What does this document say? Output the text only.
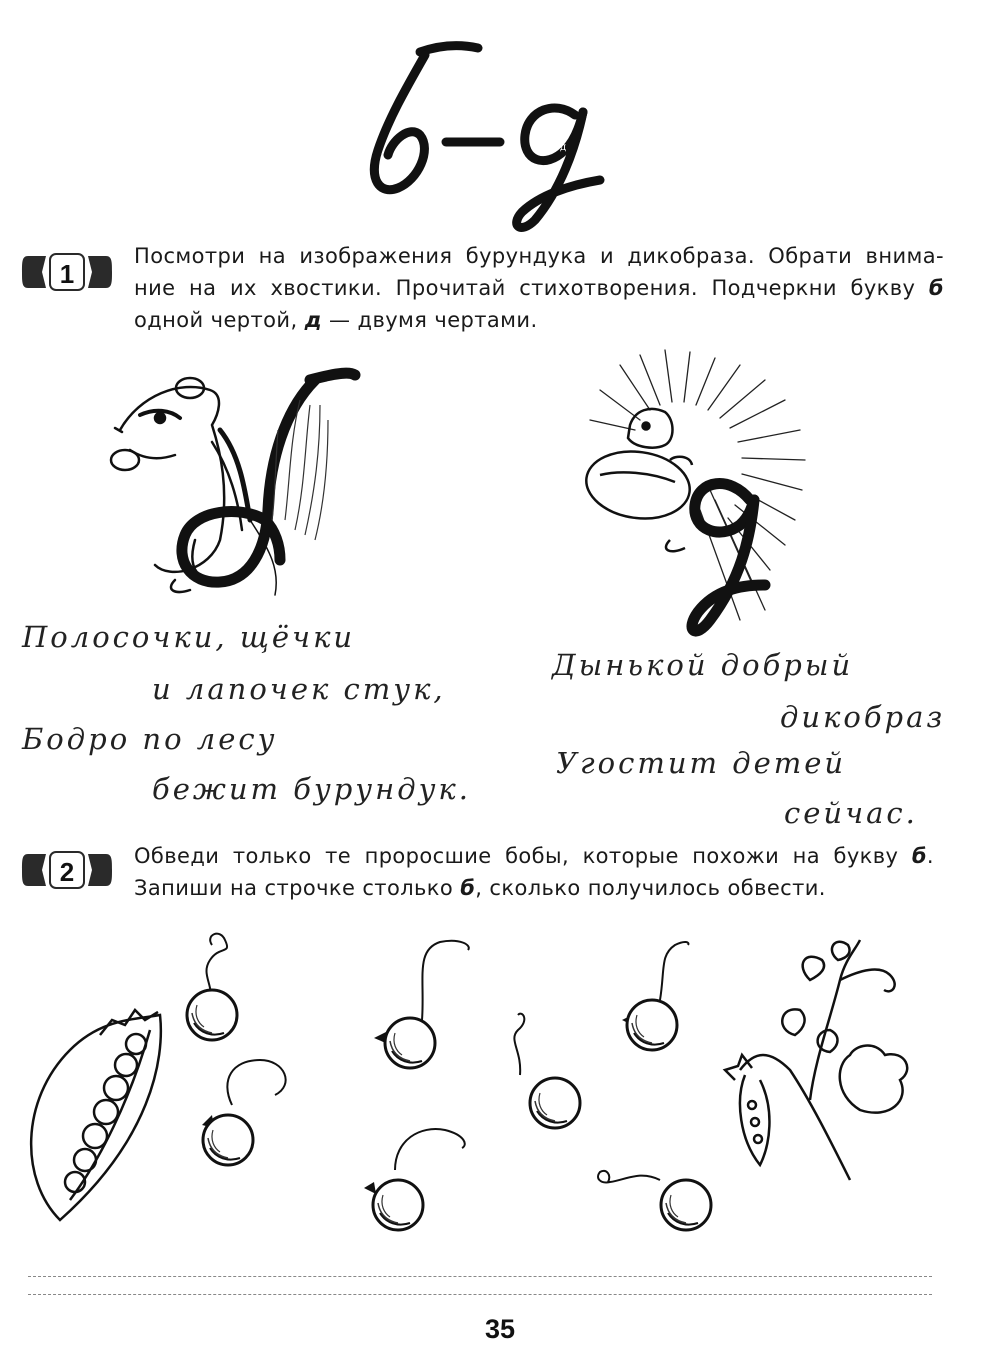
б –	д
1
Посмотри на изображения бурундука и дикобраза. Обрати внима-
ние на их хвостики. Прочитай стихотворения. Подчеркни букву б
одной чертой, д — двумя чертами.
Полосочки, щёчки
и лапочек стук,
Бодро по лесу
бежит бурундук.
Дынькой добрый
дикобраз
Угостит детей
сейчас.
2
Обведи только те проросшие бобы, которые похожи на букву б.
Запиши на строчке столько б, сколько получилось обвести.
35
